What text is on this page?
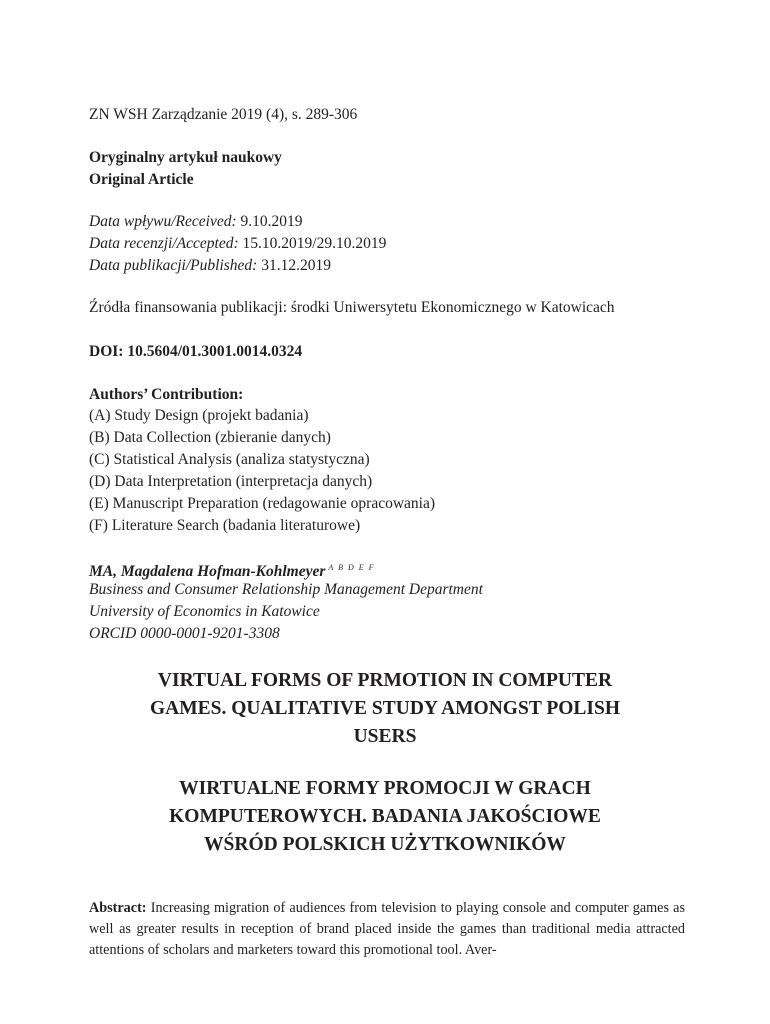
ZN WSH Zarządzanie 2019 (4), s. 289-306
Oryginalny artykuł naukowy
Original Article
Data wpływu/Received: 9.10.2019
Data recenzji/Accepted: 15.10.2019/29.10.2019
Data publikacji/Published: 31.12.2019
Źródła finansowania publikacji: środki Uniwersytetu Ekonomicznego w Katowicach
DOI: 10.5604/01.3001.0014.0324
Authors’ Contribution:
(A) Study Design (projekt badania)
(B) Data Collection (zbieranie danych)
(C) Statistical Analysis (analiza statystyczna)
(D) Data Interpretation (interpretacja danych)
(E) Manuscript Preparation (redagowanie opracowania)
(F) Literature Search (badania literaturowe)
MA, Magdalena Hofman-Kohlmeyer $^{A B D E F}$
Business and Consumer Relationship Management Department
University of Economics in Katowice
ORCID 0000-0001-9201-3308
VIRTUAL FORMS OF PRMOTION IN COMPUTER
GAMES. QUALITATIVE STUDY AMONGST POLISH
USERS
WIRTUALNE FORMY PROMOCJI W GRACH
KOMPUTEROWYCH. BADANIA JAKOŚCIOWE
WŚRÓD POLSKICH UŻYTKOWNIKÓW
Abstract: Increasing migration of audiences from television to playing console and computer games as well as greater results in reception of brand placed inside the games than traditional media attracted attentions of scholars and marketers toward this promotional tool. Aver-
